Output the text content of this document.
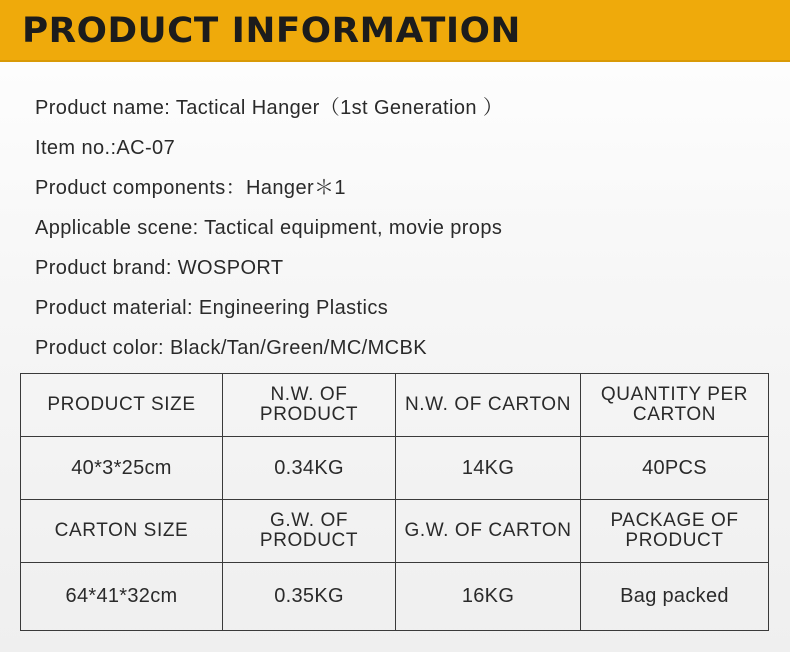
PRODUCT INFORMATION
Product name: Tactical Hanger（1st Generation ）
Item no.:AC-07
Product components：Hanger＊1
Applicable scene: Tactical equipment, movie props
Product brand: WOSPORT
Product material: Engineering Plastics
Product color: Black/Tan/Green/MC/MCBK
PRODUCT SIZE	N.W. OF PRODUCT	N.W. OF CARTON	QUANTITY PER CARTON
40*3*25cm	0.34KG	14KG	40PCS
CARTON SIZE	G.W. OF PRODUCT	G.W. OF CARTON	PACKAGE OF PRODUCT
64*41*32cm	0.35KG	16KG	Bag packed
